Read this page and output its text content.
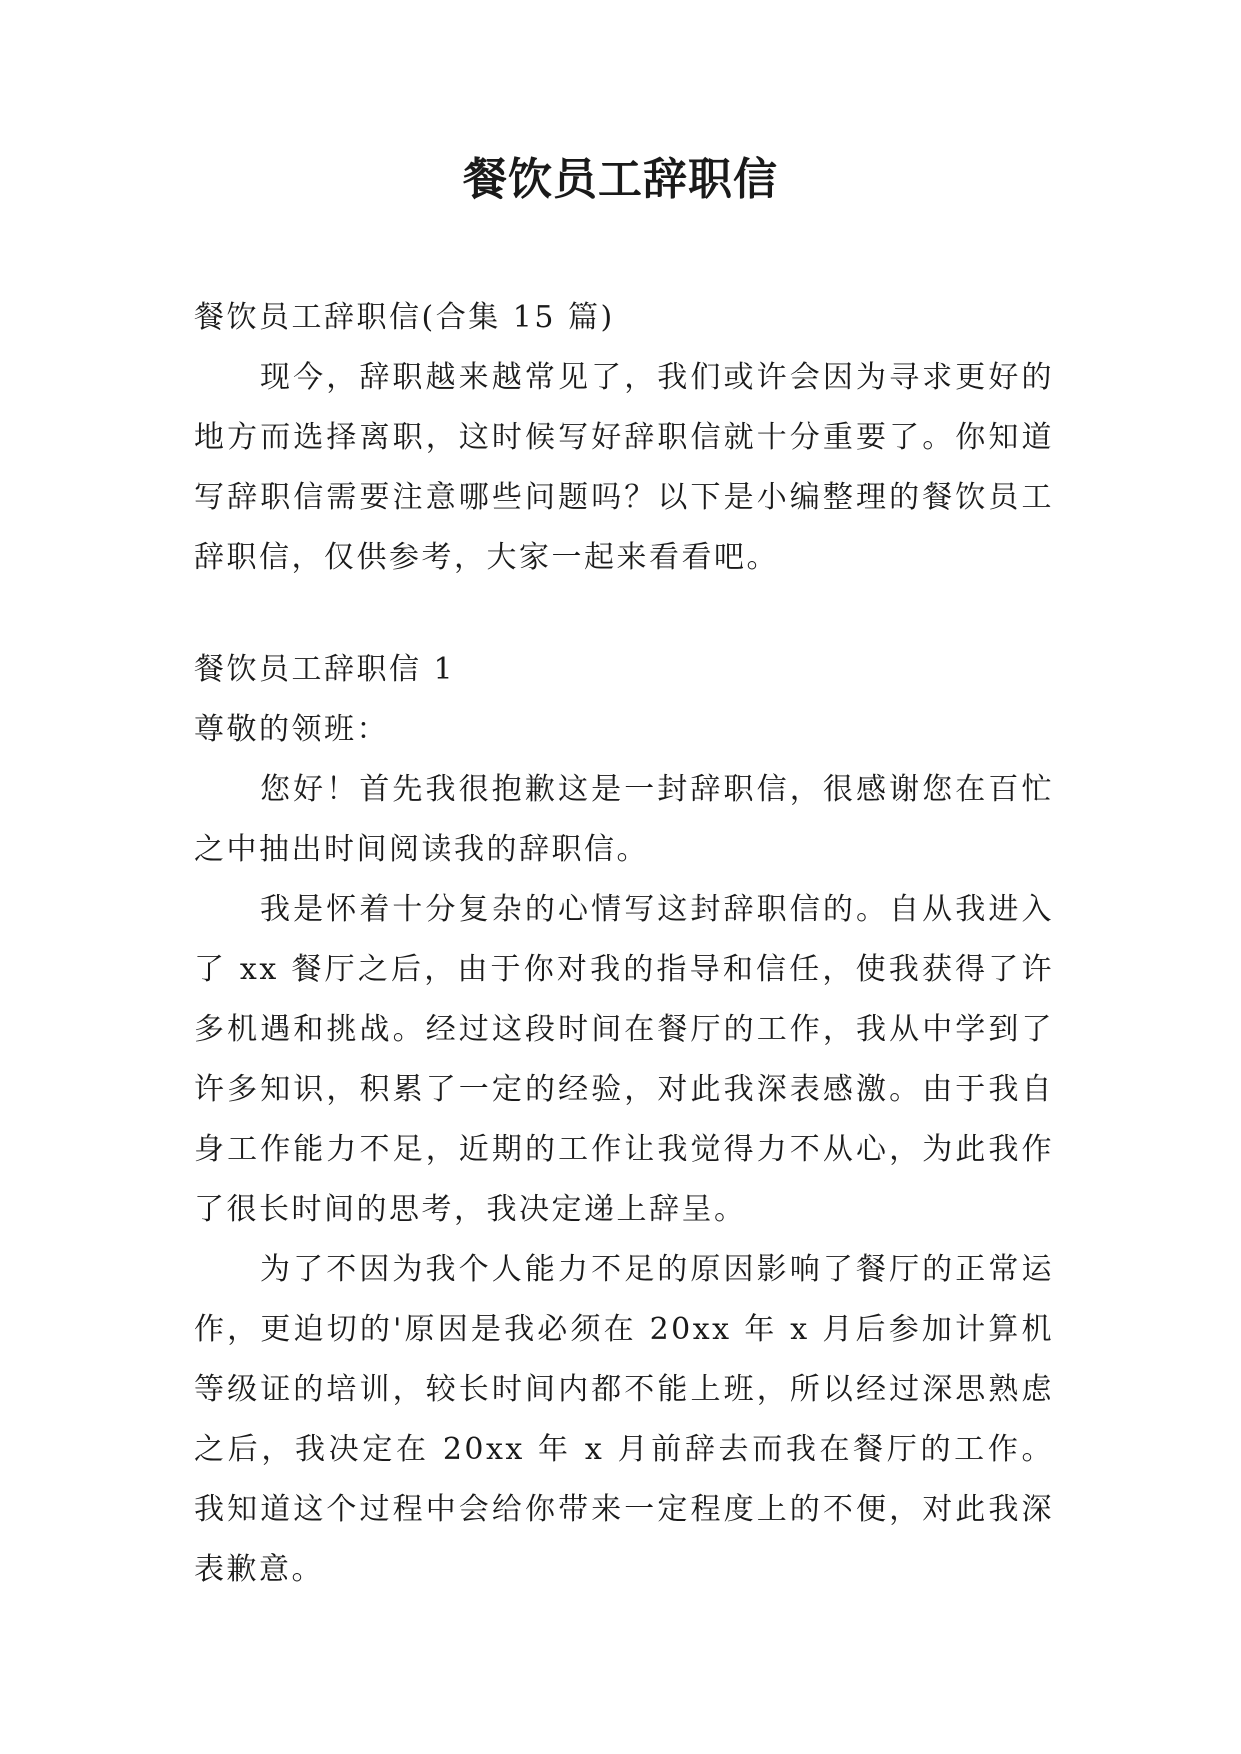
餐饮员工辞职信

餐饮员工辞职信(合集 15 篇)

现今，辞职越来越常见了，我们或许会因为寻求更好的地方而选择离职，这时候写好辞职信就十分重要了。你知道写辞职信需要注意哪些问题吗？以下是小编整理的餐饮员工辞职信，仅供参考，大家一起来看看吧。

餐饮员工辞职信 1

尊敬的领班：

您好！首先我很抱歉这是一封辞职信，很感谢您在百忙之中抽出时间阅读我的辞职信。

我是怀着十分复杂的心情写这封辞职信的。自从我进入了 xx 餐厅之后，由于你对我的指导和信任，使我获得了许多机遇和挑战。经过这段时间在餐厅的工作，我从中学到了许多知识，积累了一定的经验，对此我深表感激。由于我自身工作能力不足，近期的工作让我觉得力不从心，为此我作了很长时间的思考，我决定递上辞呈。

为了不因为我个人能力不足的原因影响了餐厅的正常运作，更迫切的'原因是我必须在 20xx 年 x 月后参加计算机等级证的培训，较长时间内都不能上班，所以经过深思熟虑之后，我决定在 20xx 年 x 月前辞去而我在餐厅的工作。我知道这个过程中会给你带来一定程度上的不便，对此我深表歉意。
